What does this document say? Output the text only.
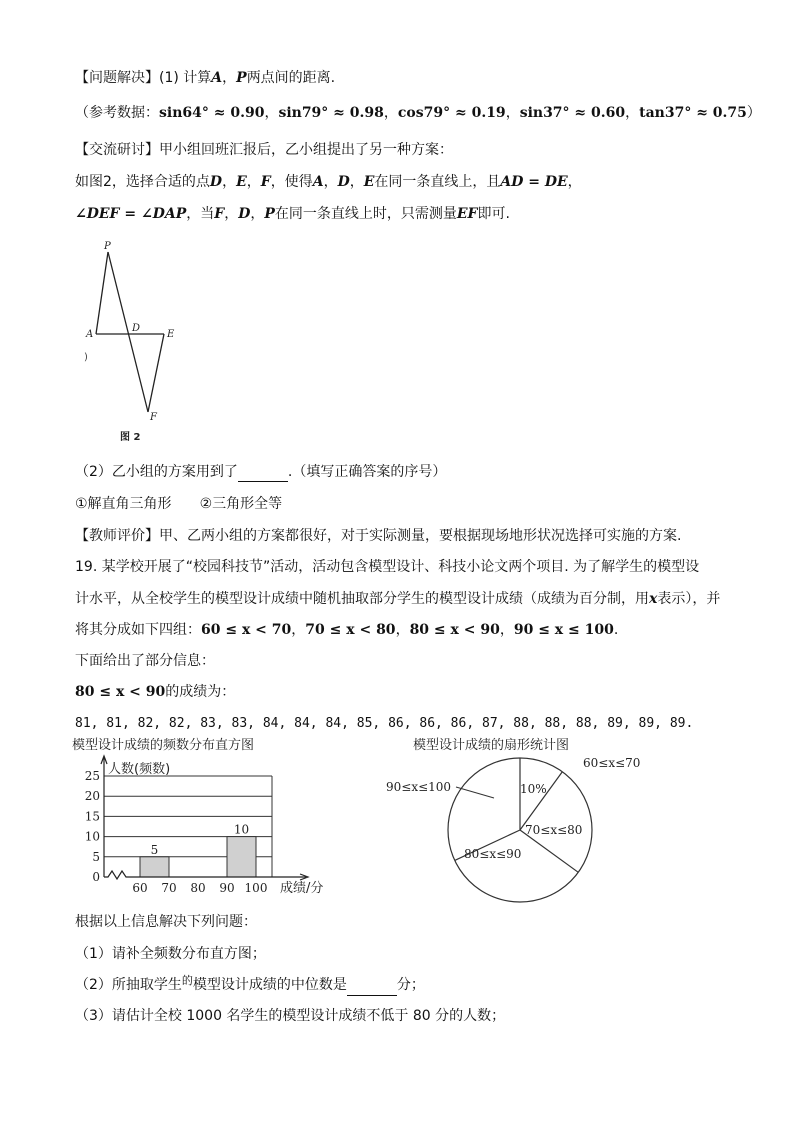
【问题解决】(1) 计算A，P两点间的距离.
（参考数据：sin64° ≈ 0.90，sin79° ≈ 0.98，cos79° ≈ 0.19，sin37° ≈ 0.60，tan37° ≈ 0.75）
【交流研讨】甲小组回班汇报后，乙小组提出了另一种方案：
如图2，选择合适的点D，E，F，使得A，D，E在同一条直线上，且AD = DE，
∠DEF = ∠DAP，当F，D，P在同一条直线上时，只需测量EF即可.
P
A
D
E
F
)
图 2
（2）乙小组的方案用到了	.（填写正确答案的序号）
①解直角三角形 ②三角形全等
【教师评价】甲、乙两小组的方案都很好，对于实际测量，要根据现场地形状况选择可实施的方案.
19. 某学校开展了“校园科技节”活动，活动包含模型设计、科技小论文两个项目. 为了解学生的模型设
计水平，从全校学生的模型设计成绩中随机抽取部分学生的模型设计成绩（成绩为百分制，用x表示），并
将其分成如下四组：60 ≤ x < 70，70 ≤ x < 80，80 ≤ x < 90，90 ≤ x ≤ 100.
下面给出了部分信息：
80 ≤ x < 90的成绩为：
81, 81, 82, 82, 83, 83, 84, 84, 84, 85, 86, 86, 86, 87, 88, 88, 88, 89, 89, 89.
模型设计成绩的频数分布直方图
人数(频数)
成绩/分
5
10
0
5
10
15
20
25
60 70 80 90 100
模型设计成绩的扇形统计图
60≤x≤70
10%
70≤x≤80
80≤x≤90
90≤x≤100
根据以上信息解决下列问题：
（1）请补全频数分布直方图；
（2）所抽取学生$^的$模型设计成绩的中位数是	分；
（3）请估计全校 1000 名学生的模型设计成绩不低于 80 分的人数；
